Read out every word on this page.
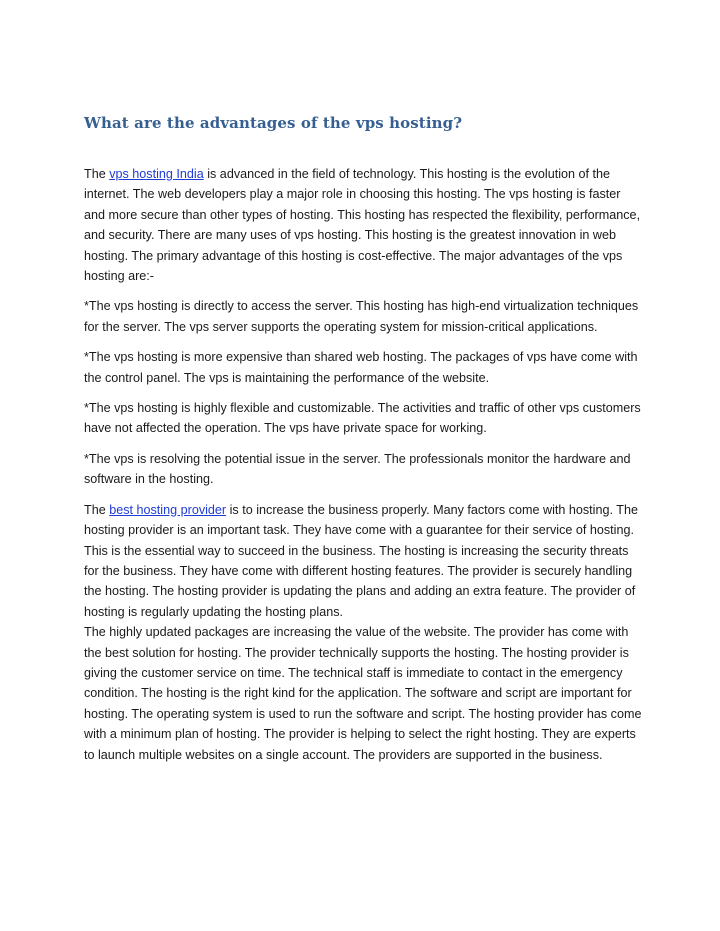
What are the advantages of the vps hosting?

The vps hosting India is advanced in the field of technology. This hosting is the evolution of the internet. The web developers play a major role in choosing this hosting. The vps hosting is faster and more secure than other types of hosting. This hosting has respected the flexibility, performance, and security. There are many uses of vps hosting. This hosting is the greatest innovation in web hosting. The primary advantage of this hosting is cost-effective. The major advantages of the vps hosting are:-

*The vps hosting is directly to access the server. This hosting has high-end virtualization techniques for the server. The vps server supports the operating system for mission-critical applications.

*The vps hosting is more expensive than shared web hosting. The packages of vps have come with the control panel. The vps is maintaining the performance of the website.

*The vps hosting is highly flexible and customizable. The activities and traffic of other vps customers have not affected the operation. The vps have private space for working.

*The vps is resolving the potential issue in the server. The professionals monitor the hardware and software in the hosting.

The best hosting provider is to increase the business properly. Many factors come with hosting. The hosting provider is an important task. They have come with a guarantee for their service of hosting. This is the essential way to succeed in the business. The hosting is increasing the security threats for the business. They have come with different hosting features. The provider is securely handling the hosting. The hosting provider is updating the plans and adding an extra feature. The provider of hosting is regularly updating the hosting plans.

The highly updated packages are increasing the value of the website. The provider has come with the best solution for hosting. The provider technically supports the hosting. The hosting provider is giving the customer service on time. The technical staff is immediate to contact in the emergency condition. The hosting is the right kind for the application. The software and script are important for hosting. The operating system is used to run the software and script. The hosting provider has come with a minimum plan of hosting. The provider is helping to select the right hosting. They are experts to launch multiple websites on a single account. The providers are supported in the business.
